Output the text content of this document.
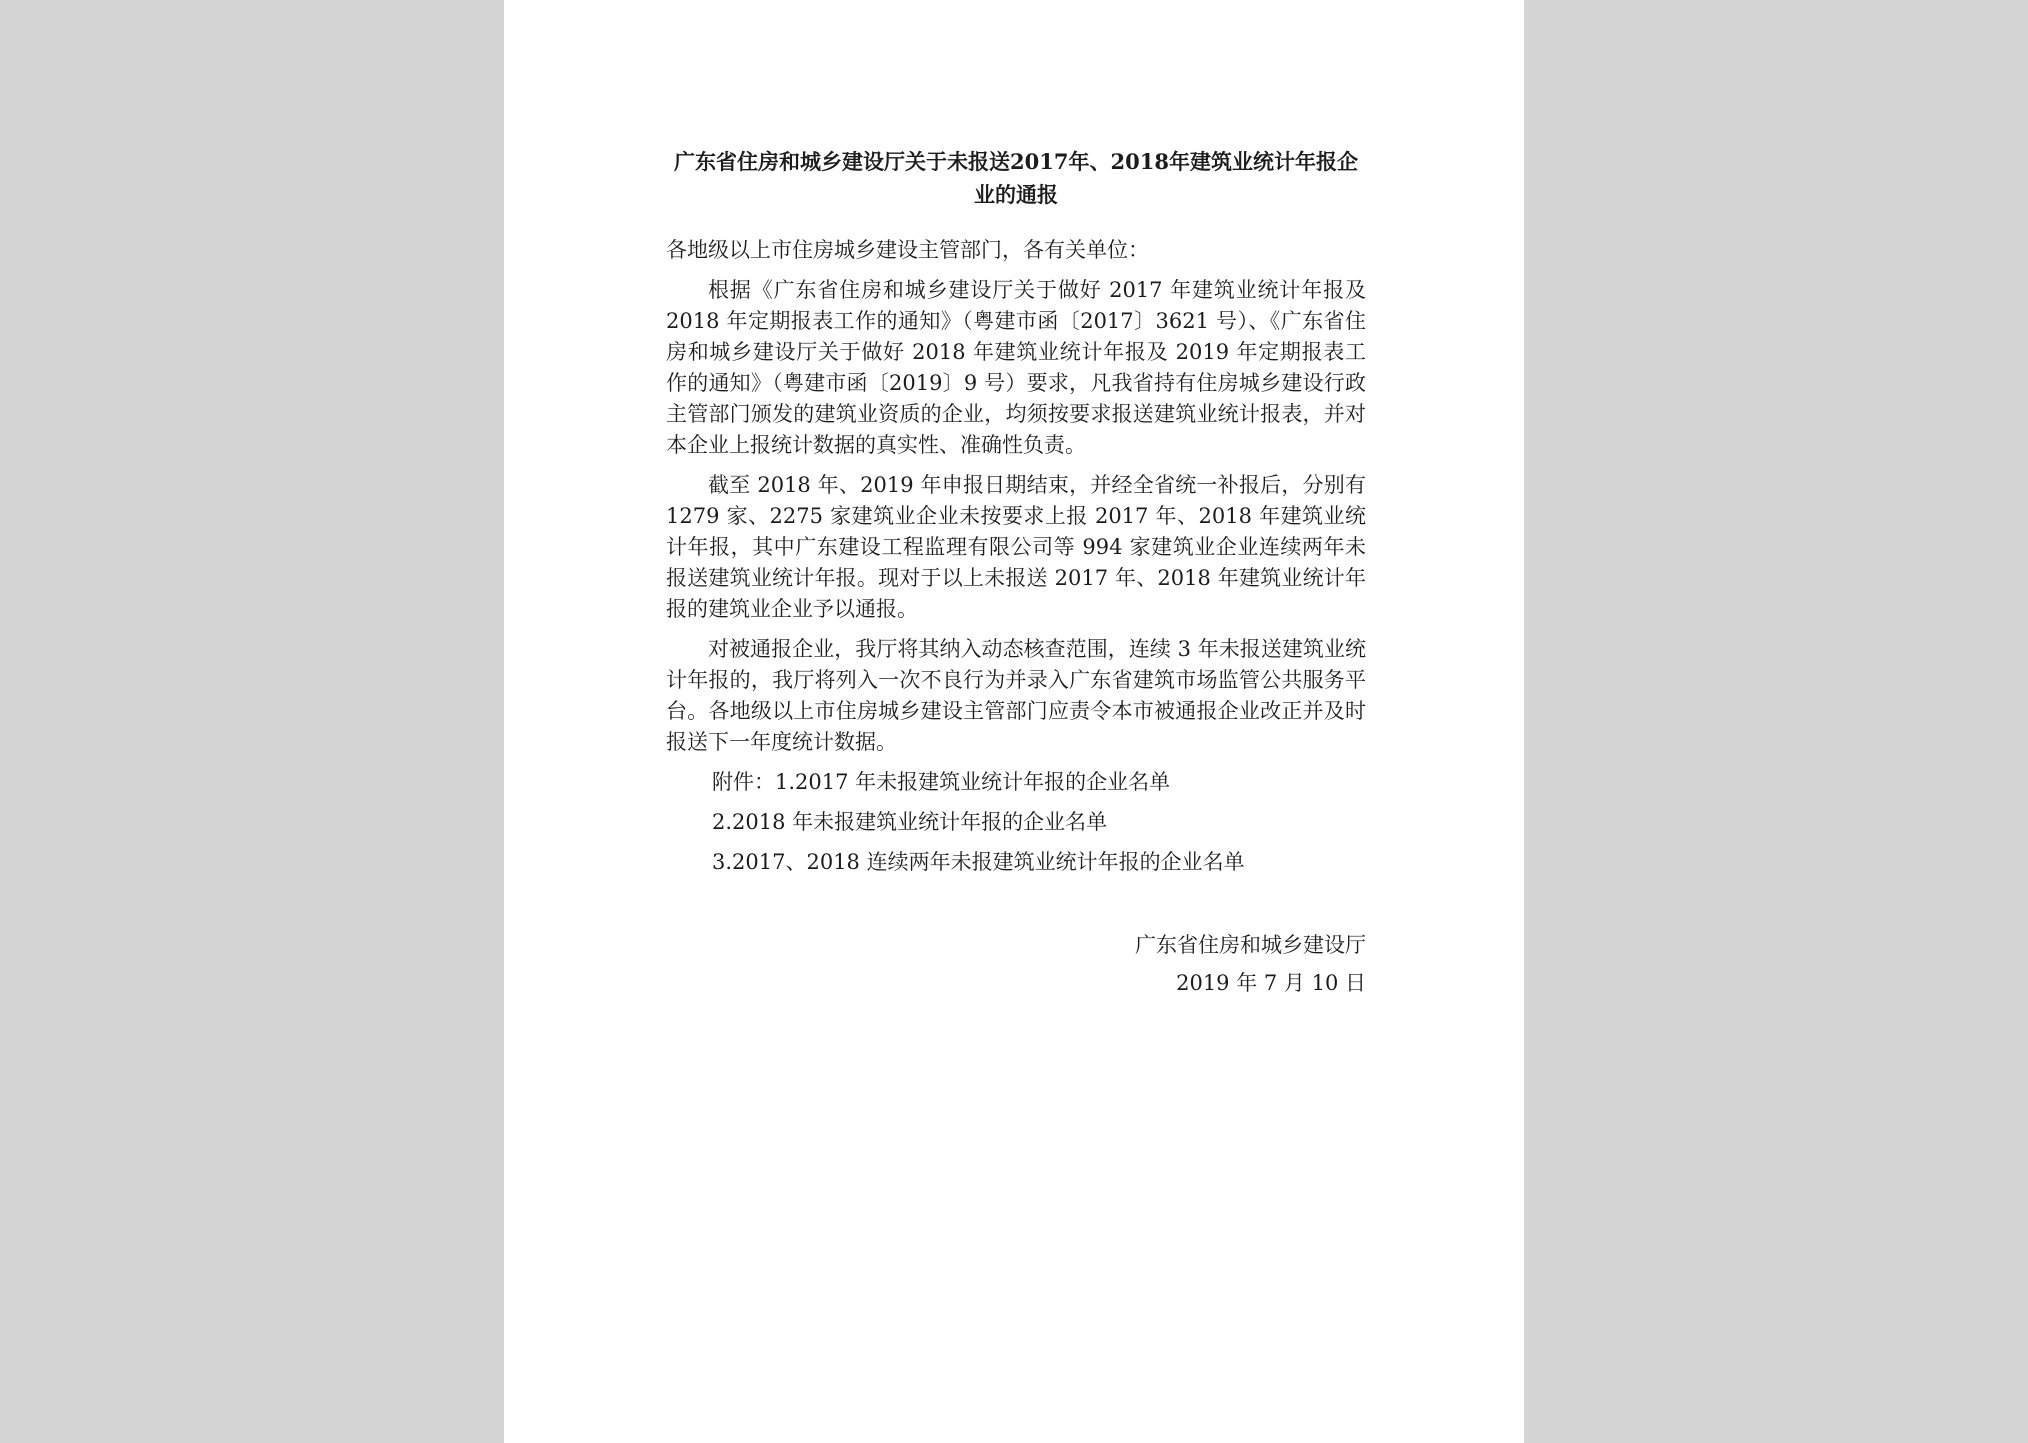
广东省住房和城乡建设厅关于未报送2017年、2018年建筑业统计年报企业的通报

各地级以上市住房城乡建设主管部门，各有关单位：

根据《广东省住房和城乡建设厅关于做好 2017 年建筑业统计年报及 2018 年定期报表工作的通知》（粤建市函〔2017〕3621 号）、《广东省住房和城乡建设厅关于做好 2018 年建筑业统计年报及 2019 年定期报表工作的通知》（粤建市函〔2019〕9 号）要求，凡我省持有住房城乡建设行政主管部门颁发的建筑业资质的企业，均须按要求报送建筑业统计报表，并对本企业上报统计数据的真实性、准确性负责。

截至 2018 年、2019 年申报日期结束，并经全省统一补报后，分别有 1279 家、2275 家建筑业企业未按要求上报 2017 年、2018 年建筑业统计年报，其中广东建设工程监理有限公司等 994 家建筑业企业连续两年未报送建筑业统计年报。现对于以上未报送 2017 年、2018 年建筑业统计年报的建筑业企业予以通报。

对被通报企业，我厅将其纳入动态核查范围，连续 3 年未报送建筑业统计年报的，我厅将列入一次不良行为并录入广东省建筑市场监管公共服务平台。各地级以上市住房城乡建设主管部门应责令本市被通报企业改正并及时报送下一年度统计数据。

附件：1.2017 年未报建筑业统计年报的企业名单

2.2018 年未报建筑业统计年报的企业名单

3.2017、2018 连续两年未报建筑业统计年报的企业名单

广东省住房和城乡建设厅
2019 年 7 月 10 日
